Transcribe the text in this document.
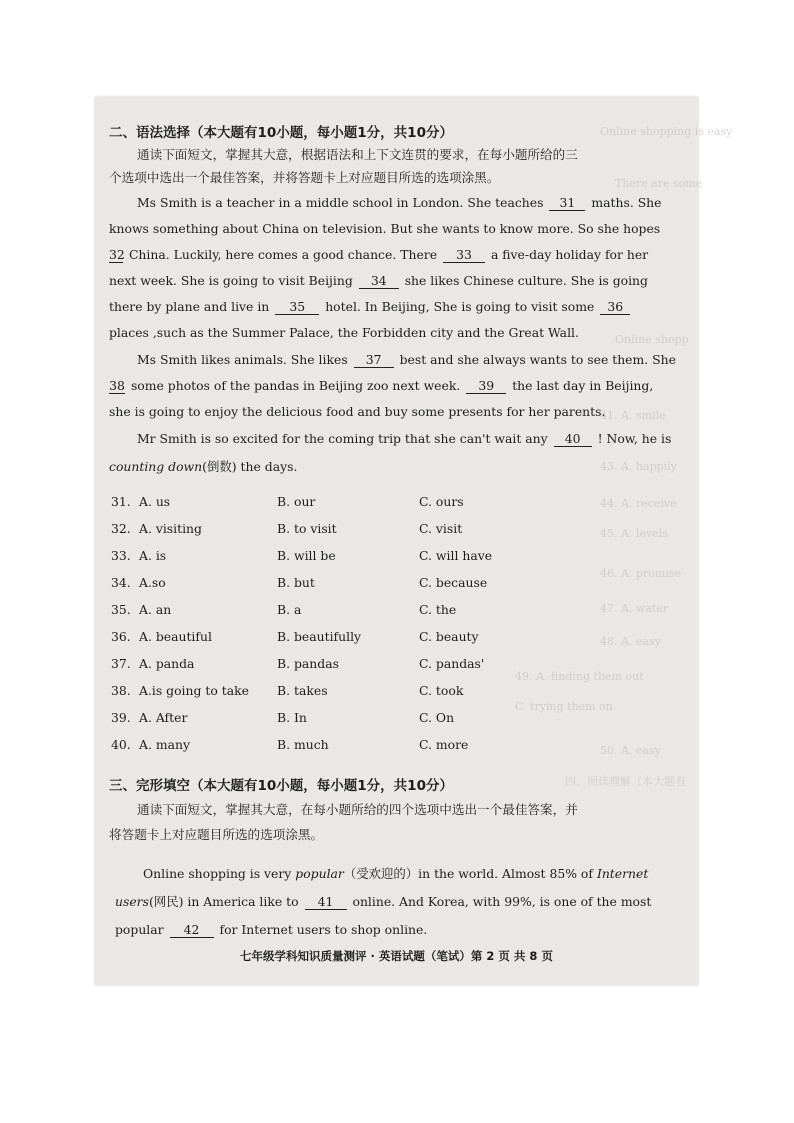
Online shopping is easy
There are some
Online shopp
41. A. smile
43. A. happily
44. A. receive
45. A. levels
46. A. promise
47. A. water
48. A. easy
49. A. finding them out
C. trying them on
50. A. easy
四、阅读理解（本大题有
二、语法选择（本大题有10小题，每小题1分，共10分）
通读下面短文，掌握其大意，根据语法和上下文连贯的要求，在每小题所给的三
个选项中选出一个最佳答案，并将答题卡上对应题目所选的选项涂黑。
Ms Smith is a teacher in a middle school in London. She teaches 31 maths. She
knows something about China on television. But she wants to know more. So she hopes
32 China. Luckily, here comes a good chance. There 33 a five-day holiday for her
next week. She is going to visit Beijing 34 she likes Chinese culture. She is going
there by plane and live in 35 hotel. In Beijing, She is going to visit some 36
places ,such as the Summer Palace, the Forbidden city and the Great Wall.
Ms Smith likes animals. She likes 37 best and she always wants to see them. She
38 some photos of the pandas in Beijing zoo next week. 39 the last day in Beijing,
she is going to enjoy the delicious food and buy some presents for her parents.
Mr Smith is so excited for the coming trip that she can't wait any 40 ! Now, he is
counting down(倒数) the days.
31. A. us	B. our	C. ours
32. A. visiting	B. to visit	C. visit
33. A. is	B. will be	C. will have
34. A.so	B. but	C. because
35. A. an	B. a	C. the
36. A. beautiful	B. beautifully	C. beauty
37. A. panda	B. pandas	C. pandas'
38. A.is going to take B. takes	C. took
39. A. After	B. In	C. On
40. A. many	B. much	C. more
三、完形填空（本大题有10小题，每小题1分，共10分）
通读下面短文，掌握其大意，在每小题所给的四个选项中选出一个最佳答案，并
将答题卡上对应题目所选的选项涂黑。
Online shopping is very popular（受欢迎的）in the world. Almost 85% of Internet
users(网民) in America like to 41 online. And Korea, with 99%, is one of the most
popular 42 for Internet users to shop online.
七年级学科知识质量测评 · 英语试题（笔试）第 2 页 共 8 页
